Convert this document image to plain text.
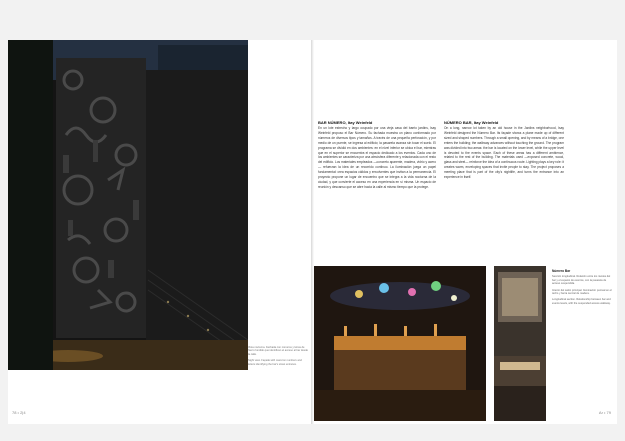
Vista nocturna. Fachada con números y letras de hierro fundido que identifican el acceso al bar desde la calle.

Night view. Façade with cast-iron numbers and letters identifying the bar's street entrance.

78 • 2|4
BAR NÚMERO, Itay Weinfeld

En un lote estrecho y largo ocupado por una vieja casa del barrio jardins, Isay Weinfeld propuso el Bar Número. Su fachada muestra un plano conformado por números de diversos tipos y tamaños. A través de una pequeña perforación, y por medio de un puente, se ingresa al edificio; la pasarela avanza sin tocar el suelo. El programa se dividió en dos ambientes: en el nivel inferior se ubica el bar, mientras que en el superior se encuentra el espacio dedicado a los eventos. Cada uno de los ambientes se caracteriza por una atmósfera diferente y relacionada con el resto del edificio. Los materiales empleados —concreto aparente, madera, vidrio y acero— refuerzan la idea de un recorrido continuo. La iluminación juega un papel fundamental: crea espacios cálidos y envolventes que invitan a la permanencia. El proyecto propone un lugar de encuentro que se integra a la vida nocturna de la ciudad, y que convierte el acceso en una experiencia en sí misma. Un espacio de reunión y descanso que se abre hacia la calle al mismo tiempo que la protege.

NÚMERO BAR, Itay Weinfeld

On a long, narrow lot taken by an old house in the Jardins neighborhood, Isay Weinfeld designed the Número Bar. Its façade shows a plane made up of different sized and shaped numbers. Through a small opening, and by means of a bridge, one enters the building; the walkway advances without touching the ground. The program was divided into two areas: the bar is located on the lower level, while the upper level is devoted to the events space. Each of these areas has a different ambience, related to the rest of the building. The materials used —exposed concrete, wood, glass and steel— reinforce the idea of a continuous route. Lighting plays a key role: it creates warm, enveloping spaces that invite people to stay. The project proposes a meeting place that is part of the city's nightlife, and turns the entrance into an experience in itself.

Número Bar

Sección longitudinal. Relación entre los niveles del bar y el espacio de eventos, con la pasarela de acceso suspendida.

Interior del salón principal. Iluminación puntual en el techo y barra central de madera.

Longitudinal section. Relationship between bar and events levels, with the suspended access walkway.

Ar • 79
